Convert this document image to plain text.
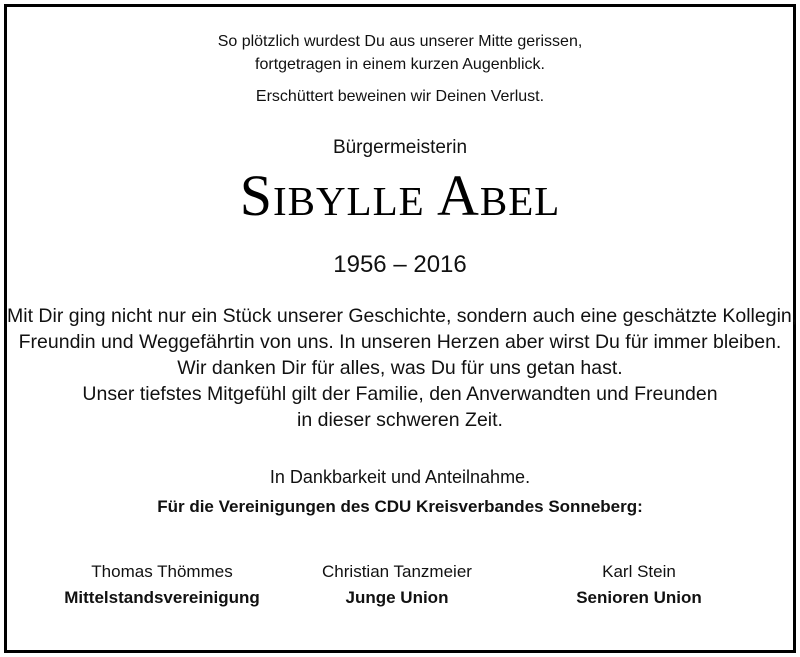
So plötzlich wurdest Du aus unserer Mitte gerissen,
fortgetragen in einem kurzen Augenblick.
Erschüttert beweinen wir Deinen Verlust.
Bürgermeisterin
Sibylle Abel
1956 – 2016
Mit Dir ging nicht nur ein Stück unserer Geschichte, sondern auch eine geschätzte Kollegin,
Freundin und Weggefährtin von uns. In unseren Herzen aber wirst Du für immer bleiben.
Wir danken Dir für alles, was Du für uns getan hast.
Unser tiefstes Mitgefühl gilt der Familie, den Anverwandten und Freunden
in dieser schweren Zeit.
In Dankbarkeit und Anteilnahme.
Für die Vereinigungen des CDU Kreisverbandes Sonneberg:
Thomas Thömmes
Mittelstandsvereinigung
Christian Tanzmeier
Junge Union
Karl Stein
Senioren Union
